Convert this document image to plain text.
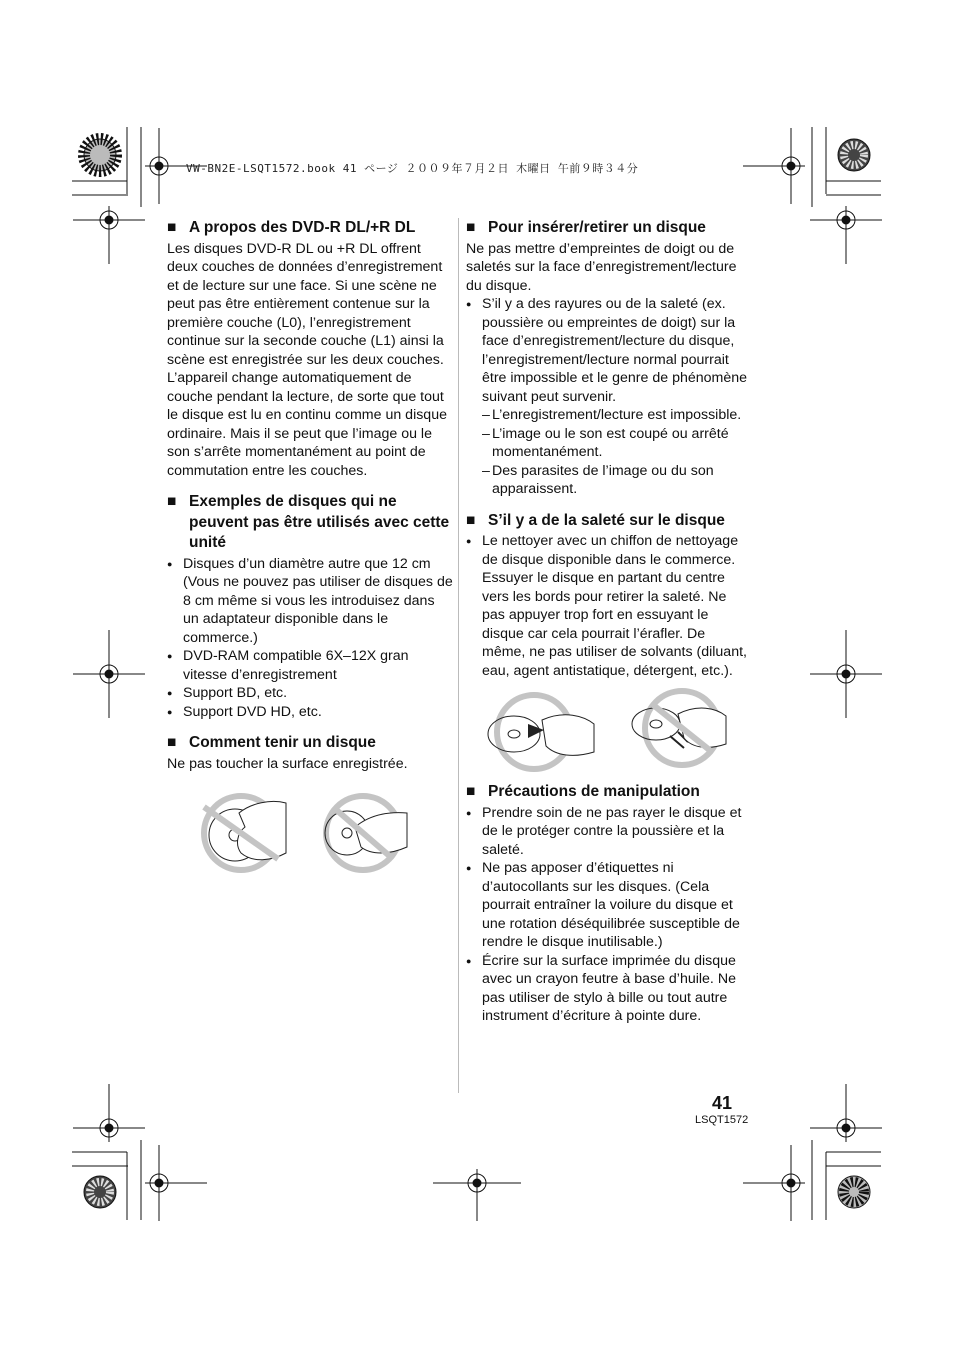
VW-BN2E-LSQT1572.book 41 ページ ２００９年７月２日 木曜日 午前９時３４分
■ A propos des DVD-R DL/+R DL

Les disques DVD-R DL ou +R DL offrent deux couches de données d’enregistrement et de lecture sur une face. Si une scène ne peut pas être entièrement contenue sur la première couche (L0), l’enregistrement continue sur la seconde couche (L1) ainsi la scène est enregistrée sur les deux couches. L’appareil change automatiquement de couche pendant la lecture, de sorte que tout le disque est lu en continu comme un disque ordinaire. Mais il se peut que l’image ou le son s’arrête momentanément au point de commutation entre les couches.

■ Exemples de disques qui ne peuvent pas être utilisés avec cette unité
● Disques d’un diamètre autre que 12 cm (Vous ne pouvez pas utiliser de disques de 8 cm même si vous les introduisez dans un adaptateur disponible dans le commerce.)
● DVD-RAM compatible 6X–12X gran vitesse d’enregistrement
● Support BD, etc.
● Support DVD HD, etc.
■ Comment tenir un disque

Ne pas toucher la surface enregistrée.

■ Pour insérer/retirer un disque

Ne pas mettre d’empreintes de doigt ou de saletés sur la face d’enregistrement/lecture du disque.

● S’il y a des rayures ou de la saleté (ex. poussière ou empreintes de doigt) sur la face d’enregistrement/lecture du disque, l’enregistrement/lecture normal pourrait être impossible et le genre de phénomène suivant peut survenir.
– L’enregistrement/lecture est impossible.
– L’image ou le son est coupé ou arrêté momentanément.
– Des parasites de l’image ou du son apparaissent.
■ S’il y a de la saleté sur le disque
● Le nettoyer avec un chiffon de nettoyage de disque disponible dans le commerce. Essuyer le disque en partant du centre vers les bords pour retirer la saleté. Ne pas appuyer trop fort en essuyant le disque car cela pourrait l’érafler. De même, ne pas utiliser de solvants (diluant, eau, agent antistatique, détergent, etc.).
■ Précautions de manipulation
● Prendre soin de ne pas rayer le disque et de le protéger contre la poussière et la saleté.
● Ne pas apposer d’étiquettes ni d’autocollants sur les disques. (Cela pourrait entraîner la voilure du disque et une rotation déséquilibrée susceptible de rendre le disque inutilisable.)
● Écrire sur la surface imprimée du disque avec un crayon feutre à base d’huile. Ne pas utiliser de stylo à bille ou tout autre instrument d’écriture à pointe dure.
41
LSQT1572
